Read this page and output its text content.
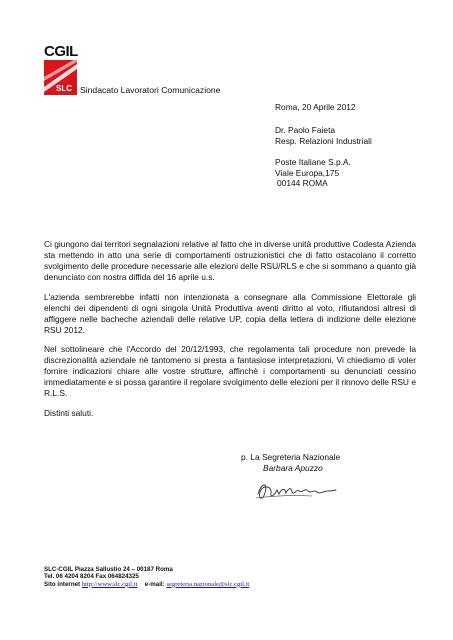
CGIL
SLC Sindacato Lavoratori Comunicazione
Roma, 20 Aprile 2012
Dr. Paolo Faieta
Resp. Relazioni Industriali
Poste Italiane S.p.A.
Viale Europa,175
00144 ROMA

Ci giungono dai territori segnalazioni relative al fatto che in diverse unità produttive Codesta Azienda sta mettendo in atto una serie di comportamenti ostruzionistici che di fatto ostacolano il corretto svolgimento delle procedure necessarie alle elezioni delle RSU/RLS e che si sommano a quanto già denunciato con nostra diffida del 16 aprile u.s.

L'azienda sembrerebbe infatti non intenzionata a consegnare alla Commissione Elettorale gli elenchi dei dipendenti di ogni singola Unità Produttiva aventi diritto al voto, rifiutandosi altresì di affiggere nelle bacheche aziendali delle relative UP, copia della lettera di indizione delle elezione RSU 2012.

Nel sottolineare che l'Accordo del 20/12/1993, che regolamenta tali procedure non prevede la discrezionalità aziendale nè tantomeno si presta a fantasiose interpretazioni, Vi chiediamo di voler fornire indicazioni chiare alle vostre strutture, affinchè i comportamenti su denunciati cessino immediatamente e si possa garantire il regolare svolgimento delle elezioni per il rinnovo delle RSU e R.L.S.

Distinti saluti.

p. La Segreteria Nazionale
Barbara Apuzzo
SLC-CGIL Piazza Sallustio 24 – 00187 Roma
Tel. 06 4204 8204 Fax 064824325
Sito internet http://www.slc.cgil.it e-mail: segreteria.nazionale@slc.cgil.it
